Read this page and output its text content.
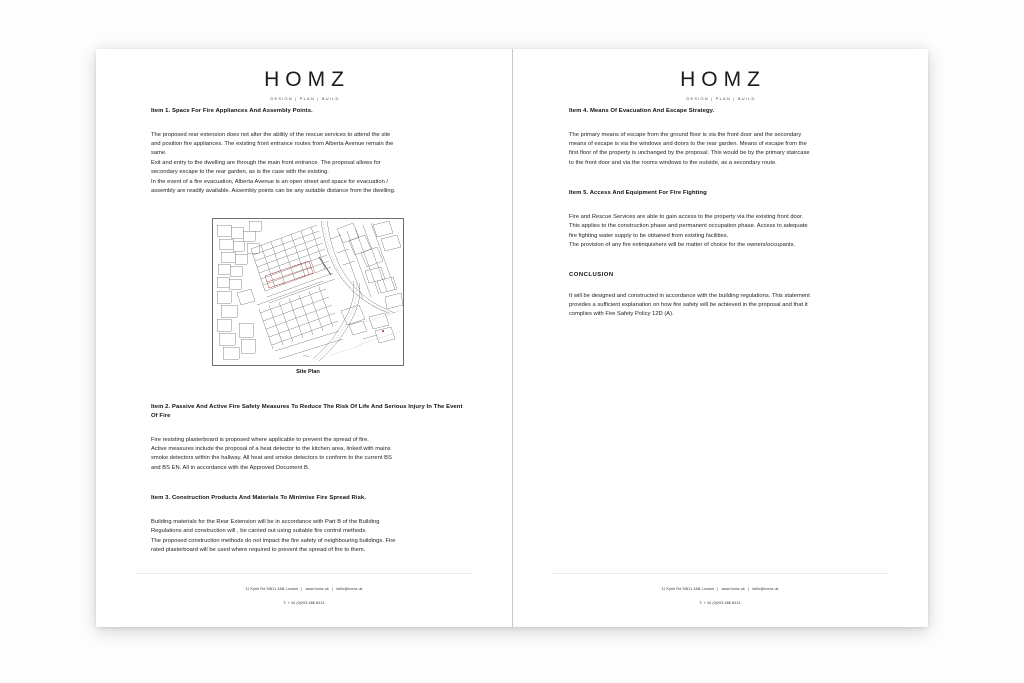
HOMZ
DESIGN | PLAN | BUILD
Item 1. Space For Fire Appliances And Assembly Points.
The proposed rear extension does not alter the ability of the rescue services to attend the site
and position fire appliances. The existing front entrance routes from Alberta Avenue remain the
same.
Exit and entry to the dwelling are through the main front entrance. The proposal allows for
secondary escape to the rear garden, as is the case with the existing.
In the event of a fire evacuation, Alberta Avenue is an open street and space for evacuation /
assembly are readily available. Assembly points can be any suitable distance from the dwelling.
Site Plan
Item 2. Passive And Active Fire Safety Measures To Reduce The Risk Of Life And Serious Injury In The Event Of Fire
Fire resisting plasterboard is proposed where applicable to prevent the spread of fire.
Active measures include the proposal of a heat detector to the kitchen area, linked with mains
smoke detectors within the hallway. All heat and smoke detectors to conform to the current BS
and BS EN. All in accordance with the Approved Document B.
Item 3. Construction Products And Materials To Minimise Fire Spread Risk.
Building materials for the Rear Extension will be in accordance with Part B of the Building
Regulations and construction will , be carried out using suitable fire control methods.
The proposed construction methods do not impact the fire safety of neighbouring buildings. Fire
rated plasterboard will be used where required to prevent the spread of fire to them.
11 Kyrle Rd SW11 4AB London | www.homz.uk | hello@homz.uk
T: + 44 (0)203 488 8413
HOMZ
DESIGN | PLAN | BUILD
Item 4. Means Of Evacuation And Escape Strategy.
The primary means of escape from the ground floor is via the front door and the secondary
means of escape is via the windows and doors to the rear garden. Means of escape from the
first floor of the property is unchanged by the proposal. This would be by the primary staircase
to the front door and via the rooms windows to the outside, as a secondary route.
Item 5. Access And Equipment For Fire Fighting
Fire and Rescue Services are able to gain access to the property via the existing front door.
This applies to the construction phase and permanent occupation phase. Access to adequate
fire fighting water supply to be obtained from existing facilities.
The provision of any fire extinquishers will be matter of choice for the owners/occupants.
CONCLUSION
It will be designed and constructed in accordance with the building regulations. This statement
provides a sufficient explanation on how fire safety will be achieved in the proposal and that it
complies with Fire Safety Policy 12D (A).
11 Kyrle Rd SW11 4AB London | www.homz.uk | hello@homz.uk
T: + 44 (0)203 488 8413
